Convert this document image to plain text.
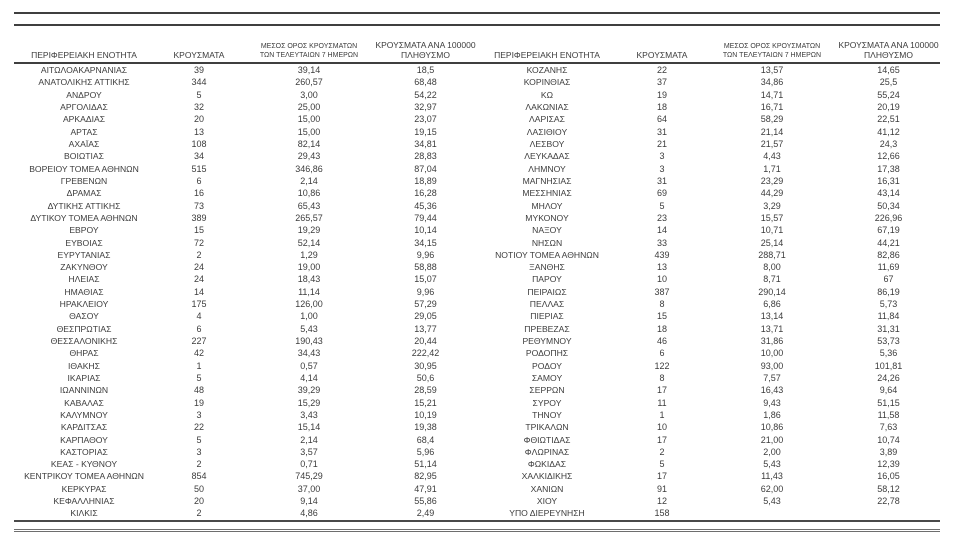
ΠΕΡΙΦΕΡΕΙΑΚΗ ΕΝΟΤΗΤΑ	ΚΡΟΥΣΜΑΤΑ
ΜΕΣΟΣ ΟΡΟΣ ΚΡΟΥΣΜΑΤΩΝ
ΤΩΝ ΤΕΛΕΥΤΑΙΩΝ 7 ΗΜΕΡΩΝ
ΚΡΟΥΣΜΑΤΑ ΑΝΑ 100000
ΠΛΗΘΥΣΜΟ
ΑΙΤΩΛΟΑΚΑΡΝΑΝΙΑΣ	39	39,14	18,5
ΑΝΑΤΟΛΙΚΗΣ ΑΤΤΙΚΗΣ	344	260,57	68,48
ΑΝΔΡΟΥ	5	3,00	54,22
ΑΡΓΟΛΙΔΑΣ	32	25,00	32,97
ΑΡΚΑΔΙΑΣ	20	15,00	23,07
ΑΡΤΑΣ	13	15,00	19,15
ΑΧΑΪΑΣ	108	82,14	34,81
ΒΟΙΩΤΙΑΣ	34	29,43	28,83
ΒΟΡΕΙΟΥ ΤΟΜΕΑ ΑΘΗΝΩΝ	515	346,86	87,04
ΓΡΕΒΕΝΩΝ	6	2,14	18,89
ΔΡΑΜΑΣ	16	10,86	16,28
ΔΥΤΙΚΗΣ ΑΤΤΙΚΗΣ	73	65,43	45,36
ΔΥΤΙΚΟΥ ΤΟΜΕΑ ΑΘΗΝΩΝ	389	265,57	79,44
ΕΒΡΟΥ	15	19,29	10,14
ΕΥΒΟΙΑΣ	72	52,14	34,15
ΕΥΡΥΤΑΝΙΑΣ	2	1,29	9,96
ΖΑΚΥΝΘΟΥ	24	19,00	58,88
ΗΛΕΙΑΣ	24	18,43	15,07
ΗΜΑΘΙΑΣ	14	11,14	9,96
ΗΡΑΚΛΕΙΟΥ	175	126,00	57,29
ΘΑΣΟΥ	4	1,00	29,05
ΘΕΣΠΡΩΤΙΑΣ	6	5,43	13,77
ΘΕΣΣΑΛΟΝΙΚΗΣ	227	190,43	20,44
ΘΗΡΑΣ	42	34,43	222,42
ΙΘΑΚΗΣ	1	0,57	30,95
ΙΚΑΡΙΑΣ	5	4,14	50,6
ΙΩΑΝΝΙΝΩΝ	48	39,29	28,59
ΚΑΒΑΛΑΣ	19	15,29	15,21
ΚΑΛΥΜΝΟΥ	3	3,43	10,19
ΚΑΡΔΙΤΣΑΣ	22	15,14	19,38
ΚΑΡΠΑΘΟΥ	5	2,14	68,4
ΚΑΣΤΟΡΙΑΣ	3	3,57	5,96
ΚΕΑΣ - ΚΥΘΝΟΥ	2	0,71	51,14
ΚΕΝΤΡΙΚΟΥ ΤΟΜΕΑ ΑΘΗΝΩΝ	854	745,29	82,95
ΚΕΡΚΥΡΑΣ	50	37,00	47,91
ΚΕΦΑΛΛΗΝΙΑΣ	20	9,14	55,86
ΚΙΛΚΙΣ	2	4,86	2,49
ΠΕΡΙΦΕΡΕΙΑΚΗ ΕΝΟΤΗΤΑ	ΚΡΟΥΣΜΑΤΑ
ΜΕΣΟΣ ΟΡΟΣ ΚΡΟΥΣΜΑΤΩΝ
ΤΩΝ ΤΕΛΕΥΤΑΙΩΝ 7 ΗΜΕΡΩΝ
ΚΡΟΥΣΜΑΤΑ ΑΝΑ 100000
ΠΛΗΘΥΣΜΟ
ΚΟΖΑΝΗΣ	22	13,57	14,65
ΚΟΡΙΝΘΙΑΣ	37	34,86	25,5
ΚΩ	19	14,71	55,24
ΛΑΚΩΝΙΑΣ	18	16,71	20,19
ΛΑΡΙΣΑΣ	64	58,29	22,51
ΛΑΣΙΘΙΟΥ	31	21,14	41,12
ΛΕΣΒΟΥ	21	21,57	24,3
ΛΕΥΚΑΔΑΣ	3	4,43	12,66
ΛΗΜΝΟΥ	3	1,71	17,38
ΜΑΓΝΗΣΙΑΣ	31	23,29	16,31
ΜΕΣΣΗΝΙΑΣ	69	44,29	43,14
ΜΗΛΟΥ	5	3,29	50,34
ΜΥΚΟΝΟΥ	23	15,57	226,96
ΝΑΞΟΥ	14	10,71	67,19
ΝΗΣΩΝ	33	25,14	44,21
ΝΟΤΙΟΥ ΤΟΜΕΑ ΑΘΗΝΩΝ	439	288,71	82,86
ΞΑΝΘΗΣ	13	8,00	11,69
ΠΑΡΟΥ	10	8,71	67
ΠΕΙΡΑΙΩΣ	387	290,14	86,19
ΠΕΛΛΑΣ	8	6,86	5,73
ΠΙΕΡΙΑΣ	15	13,14	11,84
ΠΡΕΒΕΖΑΣ	18	13,71	31,31
ΡΕΘΥΜΝΟΥ	46	31,86	53,73
ΡΟΔΟΠΗΣ	6	10,00	5,36
ΡΟΔΟΥ	122	93,00	101,81
ΣΑΜΟΥ	8	7,57	24,26
ΣΕΡΡΩΝ	17	16,43	9,64
ΣΥΡΟΥ	11	9,43	51,15
ΤΗΝΟΥ	1	1,86	11,58
ΤΡΙΚΑΛΩΝ	10	10,86	7,63
ΦΘΙΩΤΙΔΑΣ	17	21,00	10,74
ΦΛΩΡΙΝΑΣ	2	2,00	3,89
ΦΩΚΙΔΑΣ	5	5,43	12,39
ΧΑΛΚΙΔΙΚΗΣ	17	11,43	16,05
ΧΑΝΙΩΝ	91	62,00	58,12
ΧΙΟΥ	12	5,43	22,78
ΥΠΟ ΔΙΕΡΕΥΝΗΣΗ	158
